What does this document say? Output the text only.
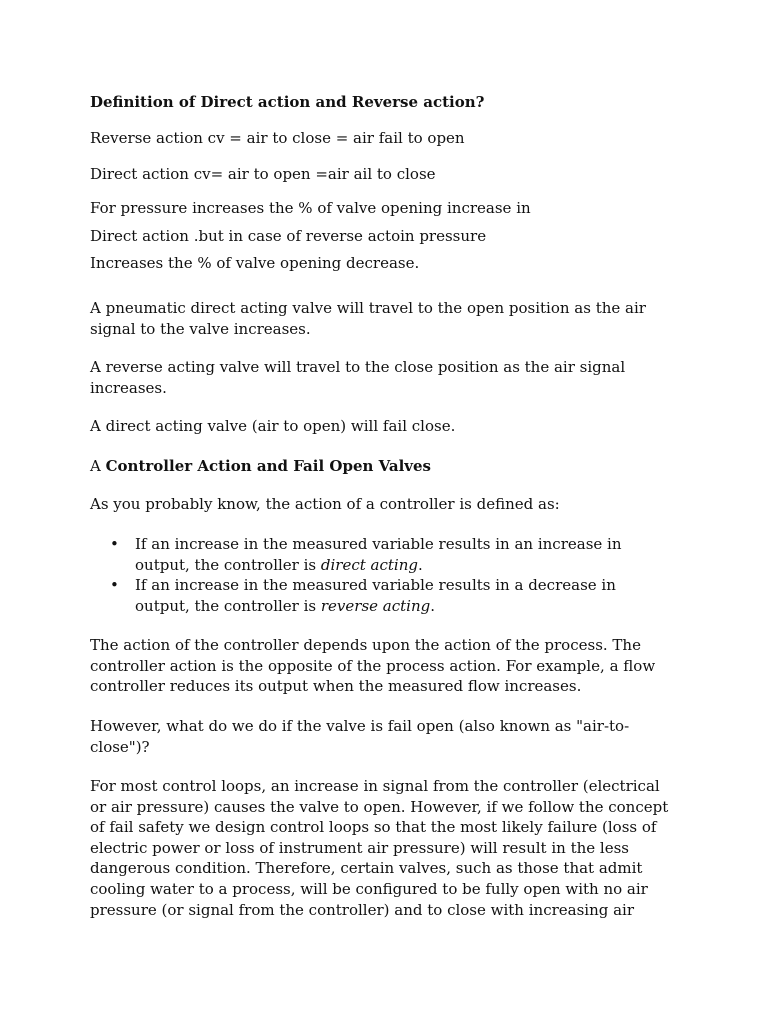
Definition of Direct action and Reverse action?
Reverse action cv = air to close = air fail to open
Direct action cv= air to open =air ail to close
For pressure increases the % of valve opening increase in
Direct action .but in case of reverse actoin pressure
Increases the % of valve opening decrease.
A pneumatic direct acting valve will travel to the open position as the air
signal to the valve increases.
A reverse acting valve will travel to the close position as the air signal
increases.
A direct acting valve (air to open) will fail close.
A Controller Action and Fail Open Valves
As you probably know, the action of a controller is defined as:
• If an increase in the measured variable results in an increase in
output, the controller is direct acting.
• If an increase in the measured variable results in a decrease in
output, the controller is reverse acting.
The action of the controller depends upon the action of the process. The
controller action is the opposite of the process action. For example, a flow
controller reduces its output when the measured flow increases.
However, what do we do if the valve is fail open (also known as "air-to-
close")?
For most control loops, an increase in signal from the controller (electrical
or air pressure) causes the valve to open. However, if we follow the concept
of fail safety we design control loops so that the most likely failure (loss of
electric power or loss of instrument air pressure) will result in the less
dangerous condition. Therefore, certain valves, such as those that admit
cooling water to a process, will be configured to be fully open with no air
pressure (or signal from the controller) and to close with increasing air
